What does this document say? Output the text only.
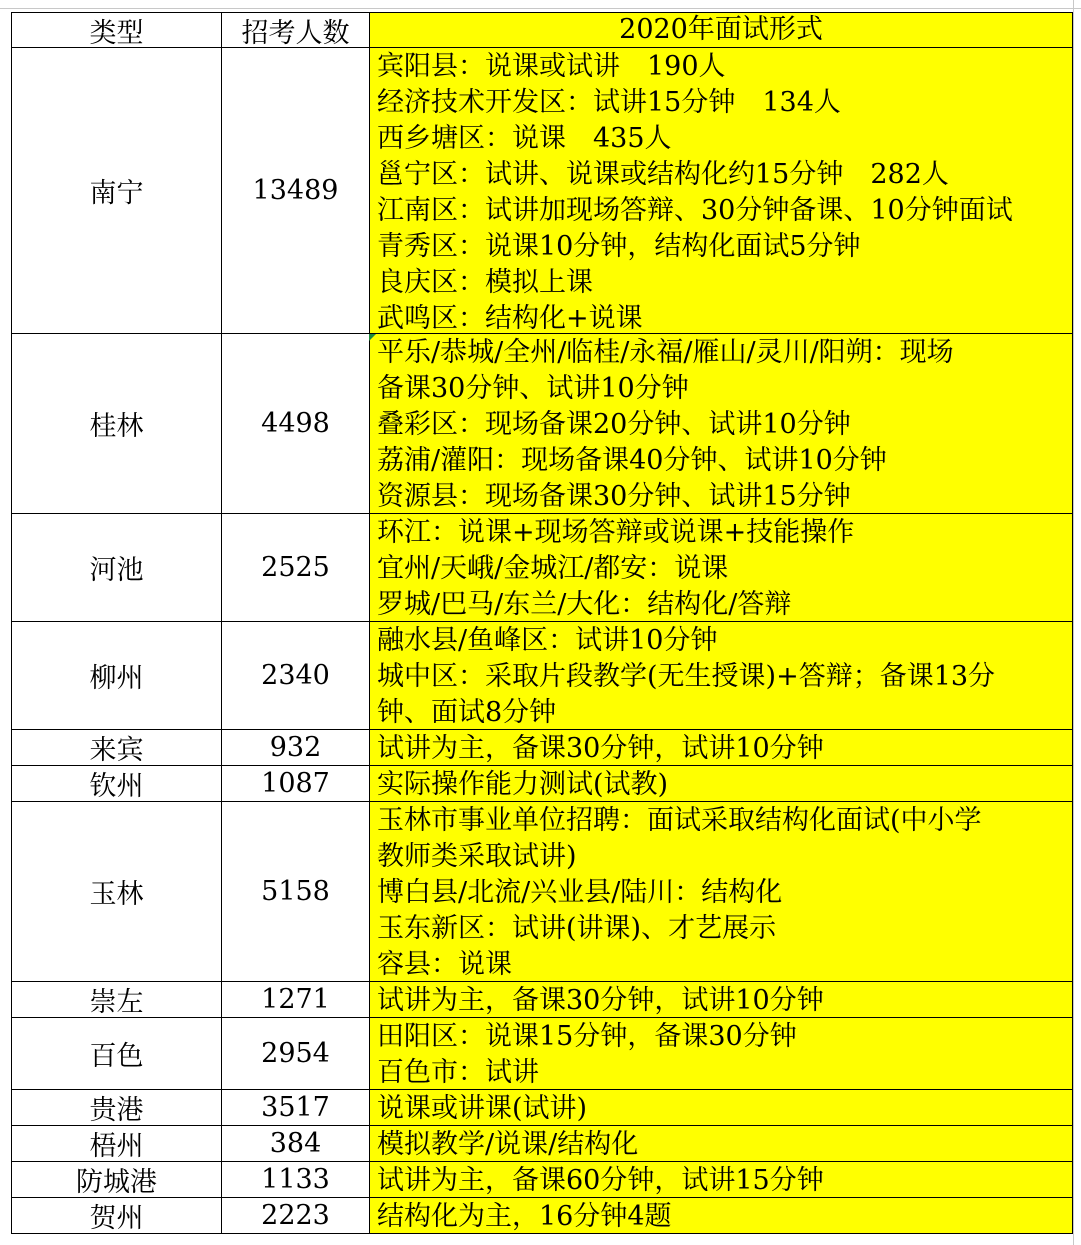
类型	招考人数	2020年面试形式
南宁	13489
宾阳县：说课或试讲　190人
经济技术开发区：试讲15分钟　134人
西乡塘区：说课　435人
邕宁区：试讲、说课或结构化约15分钟　282人
江南区：试讲加现场答辩、30分钟备课、10分钟面试
青秀区：说课10分钟，结构化面试5分钟
良庆区：模拟上课
武鸣区：结构化+说课
桂林	4498
平乐/恭城/全州/临桂/永福/雁山/灵川/阳朔：现场
备课30分钟、试讲10分钟
叠彩区：现场备课20分钟、试讲10分钟
荔浦/灌阳：现场备课40分钟、试讲10分钟
资源县：现场备课30分钟、试讲15分钟
河池	2525
环江：说课+现场答辩或说课+技能操作
宜州/天峨/金城江/都安：说课
罗城/巴马/东兰/大化：结构化/答辩
柳州	2340
融水县/鱼峰区：试讲10分钟
城中区：采取片段教学(无生授课)+答辩；备课13分
钟、面试8分钟
来宾	932 试讲为主，备课30分钟，试讲10分钟
钦州	1087 实际操作能力测试(试教)
玉林	5158
玉林市事业单位招聘：面试采取结构化面试(中小学
教师类采取试讲)
博白县/北流/兴业县/陆川：结构化
玉东新区：试讲(讲课)、才艺展示
容县：说课
崇左	1271 试讲为主，备课30分钟，试讲10分钟
百色	2954
田阳区：说课15分钟，备课30分钟
百色市：试讲
贵港	3517 说课或讲课(试讲)
梧州	384 模拟教学/说课/结构化
防城港	1133 试讲为主，备课60分钟，试讲15分钟
贺州	2223 结构化为主，16分钟4题
